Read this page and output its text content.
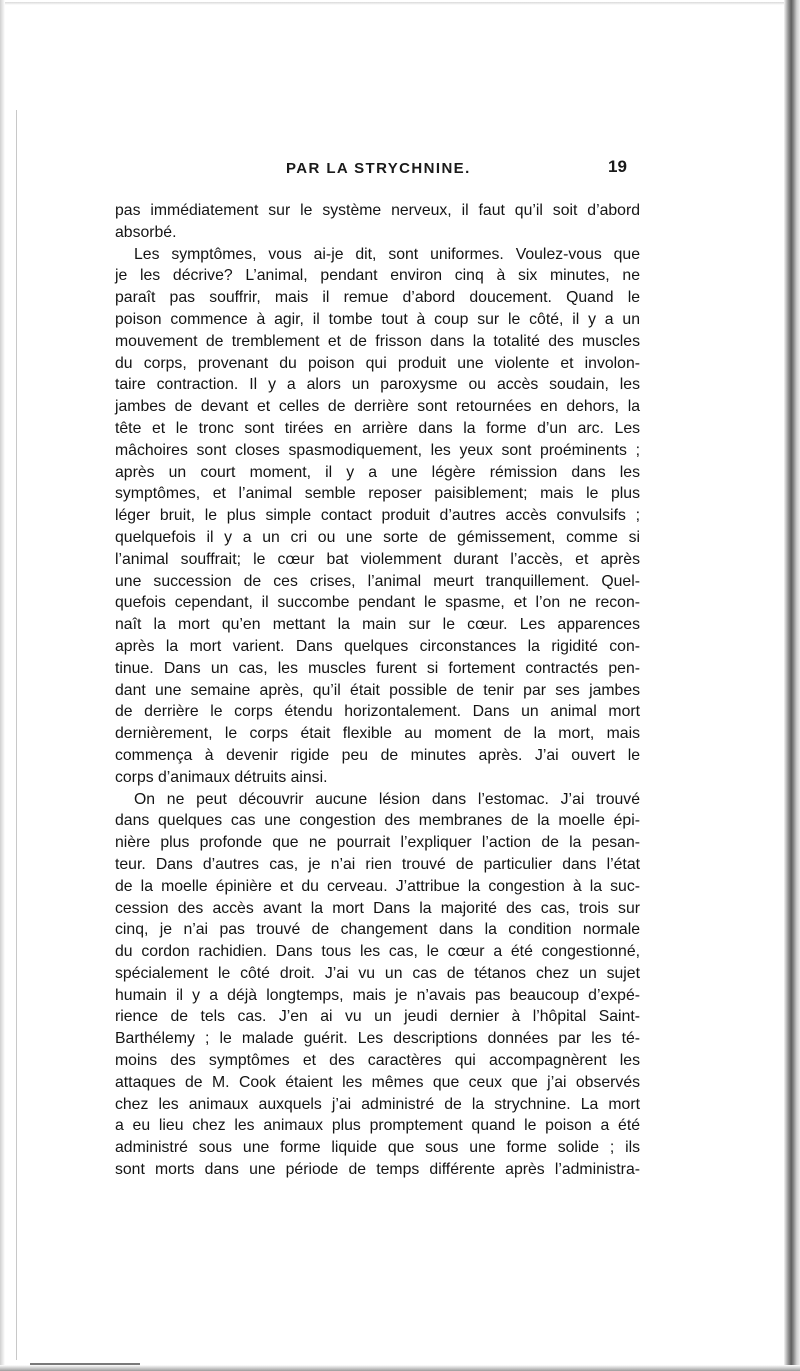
PAR LA STRYCHNINE.	19
pas immédiatement sur le système nerveux, il faut qu’il soit d’abord
absorbé.
Les symptômes, vous ai-je dit, sont uniformes. Voulez-vous que
je les décrive? L’animal, pendant environ cinq à six minutes, ne
paraît pas souffrir, mais il remue d’abord doucement. Quand le
poison commence à agir, il tombe tout à coup sur le côté, il y a un
mouvement de tremblement et de frisson dans la totalité des muscles
du corps, provenant du poison qui produit une violente et involon-
taire contraction. Il y a alors un paroxysme ou accès soudain, les
jambes de devant et celles de derrière sont retournées en dehors, la
tête et le tronc sont tirées en arrière dans la forme d’un arc. Les
mâchoires sont closes spasmodiquement, les yeux sont proéminents ;
après un court moment, il y a une légère rémission dans les
symptômes, et l’animal semble reposer paisiblement; mais le plus
léger bruit, le plus simple contact produit d’autres accès convulsifs ;
quelquefois il y a un cri ou une sorte de gémissement, comme si
l’animal souffrait; le cœur bat violemment durant l’accès, et après
une succession de ces crises, l’animal meurt tranquillement. Quel-
quefois cependant, il succombe pendant le spasme, et l’on ne recon-
naît la mort qu’en mettant la main sur le cœur. Les apparences
après la mort varient. Dans quelques circonstances la rigidité con-
tinue. Dans un cas, les muscles furent si fortement contractés pen-
dant une semaine après, qu’il était possible de tenir par ses jambes
de derrière le corps étendu horizontalement. Dans un animal mort
dernièrement, le corps était flexible au moment de la mort, mais
commença à devenir rigide peu de minutes après. J’ai ouvert le
corps d’animaux détruits ainsi.
On ne peut découvrir aucune lésion dans l’estomac. J’ai trouvé
dans quelques cas une congestion des membranes de la moelle épi-
nière plus profonde que ne pourrait l’expliquer l’action de la pesan-
teur. Dans d’autres cas, je n’ai rien trouvé de particulier dans l’état
de la moelle épinière et du cerveau. J’attribue la congestion à la suc-
cession des accès avant la mort Dans la majorité des cas, trois sur
cinq, je n’ai pas trouvé de changement dans la condition normale
du cordon rachidien. Dans tous les cas, le cœur a été congestionné,
spécialement le côté droit. J’ai vu un cas de tétanos chez un sujet
humain il y a déjà longtemps, mais je n’avais pas beaucoup d’expé-
rience de tels cas. J’en ai vu un jeudi dernier à l’hôpital Saint-
Barthélemy ; le malade guérit. Les descriptions données par les té-
moins des symptômes et des caractères qui accompagnèrent les
attaques de M. Cook étaient les mêmes que ceux que j’ai observés
chez les animaux auxquels j’ai administré de la strychnine. La mort
a eu lieu chez les animaux plus promptement quand le poison a été
administré sous une forme liquide que sous une forme solide ; ils
sont morts dans une période de temps différente après l’administra-
